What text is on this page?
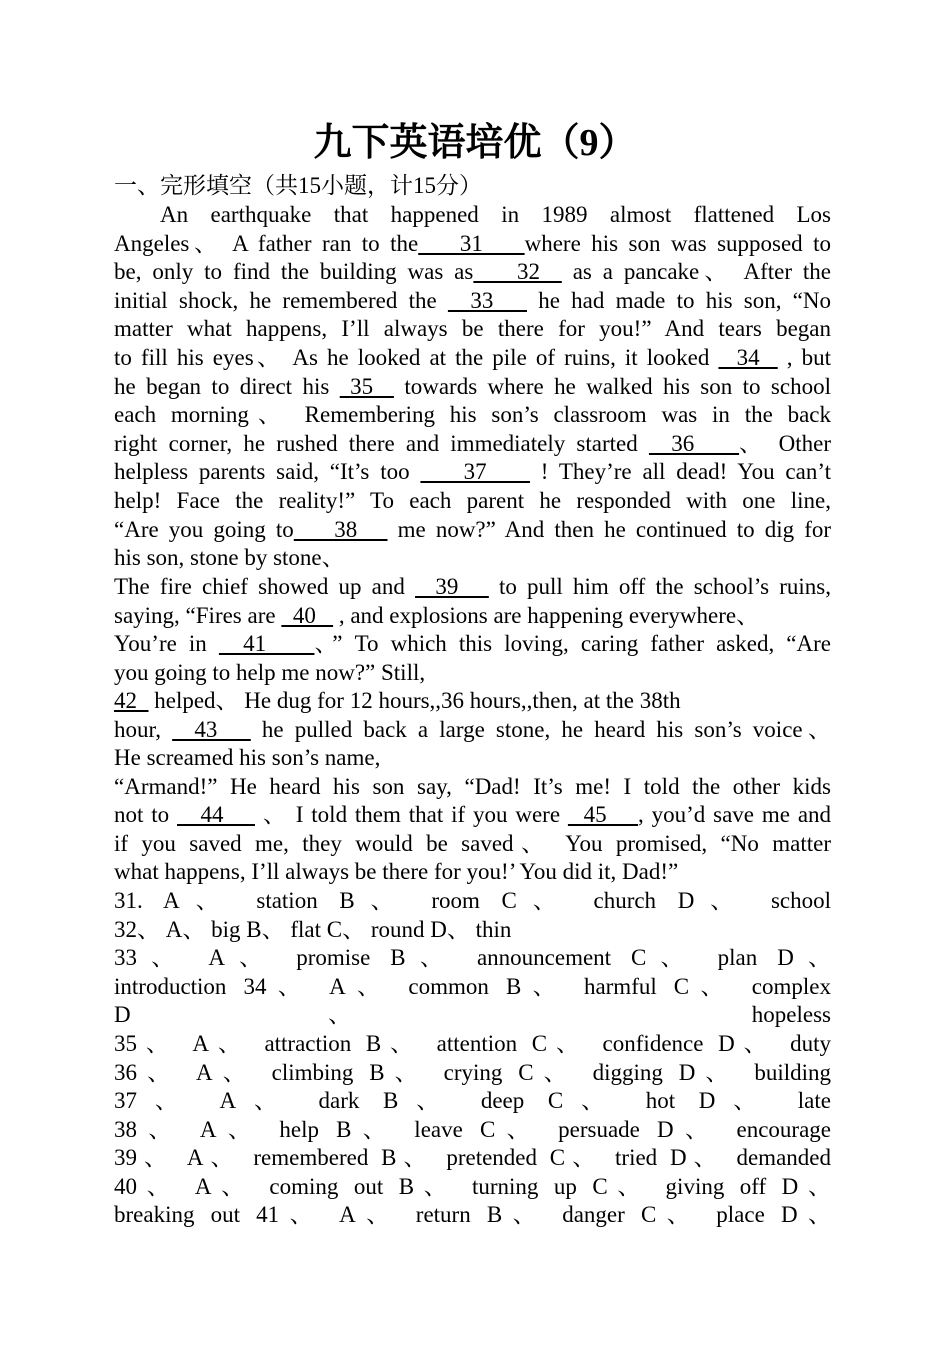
九下英语培优（9）
一、完形填空（共15小题，计15分）
An earthquake that happened in 1989 almost flattened Los
Angeles、 A father ran to the    31    where his son was supposed to
be, only to find the building was as    32   as a pancake、 After the
initial shock, he remembered the   33    he had made to his son, “No
matter what happens, I’ll always be there for you!” And tears began
to fill his eyes、 As he looked at the pile of ruins, it looked   34   , but
he began to direct his  35   towards where he walked his son to school
each morning、 Remembering his son’s classroom was in the back
right corner, he rushed there and immediately started   36    、 Other
helpless parents said, “It’s too     37     ! They’re all dead! You can’t
help! Face the reality!” To each parent he responded with one line,
“Are you going to    38    me now?” And then he continued to dig for
his son, stone by stone、
The fire chief showed up and   39    to pull him off the school’s ruins,
saying, “Fires are   40    , and explosions are happening everywhere、
You’re in   41    、” To which this loving, caring father asked, “Are
you going to help me now?” Still,
42   helped、 He dug for 12 hours,,36 hours,,then, at the 38th
hour,   43    he pulled back a large stone, he heard his son’s voice、
He screamed his son’s name,
“Armand!” He heard his son say, “Dad! It’s me! I told the other kids
not to    44     、 I told them that if you were   45    , you’d save me and
if you saved me, they would be saved、 You promised, “No matter
what happens, I’ll always be there for you!’ You did it, Dad!”
31. A、 station B、 room C、 church D、 school
32、 A、 big B、 flat C、 round D、 thin
33、 A、 promise B、 announcement C、 plan D、
introduction 34、 A、 common B、 harmful C、 complex
D、 hopeless
35、 A、 attraction B、 attention C、 confidence D、 duty
36、 A、 climbing B、 crying C、 digging D、 building
37、 A、 dark B、 deep C、 hot D、 late
38、 A、 help B、 leave C、 persuade D、 encourage
39、 A、 remembered B、 pretended C、 tried D、 demanded
40、 A、 coming out B、 turning up C、 giving off D、
breaking out 41、 A、 return B、 danger C、 place D、
